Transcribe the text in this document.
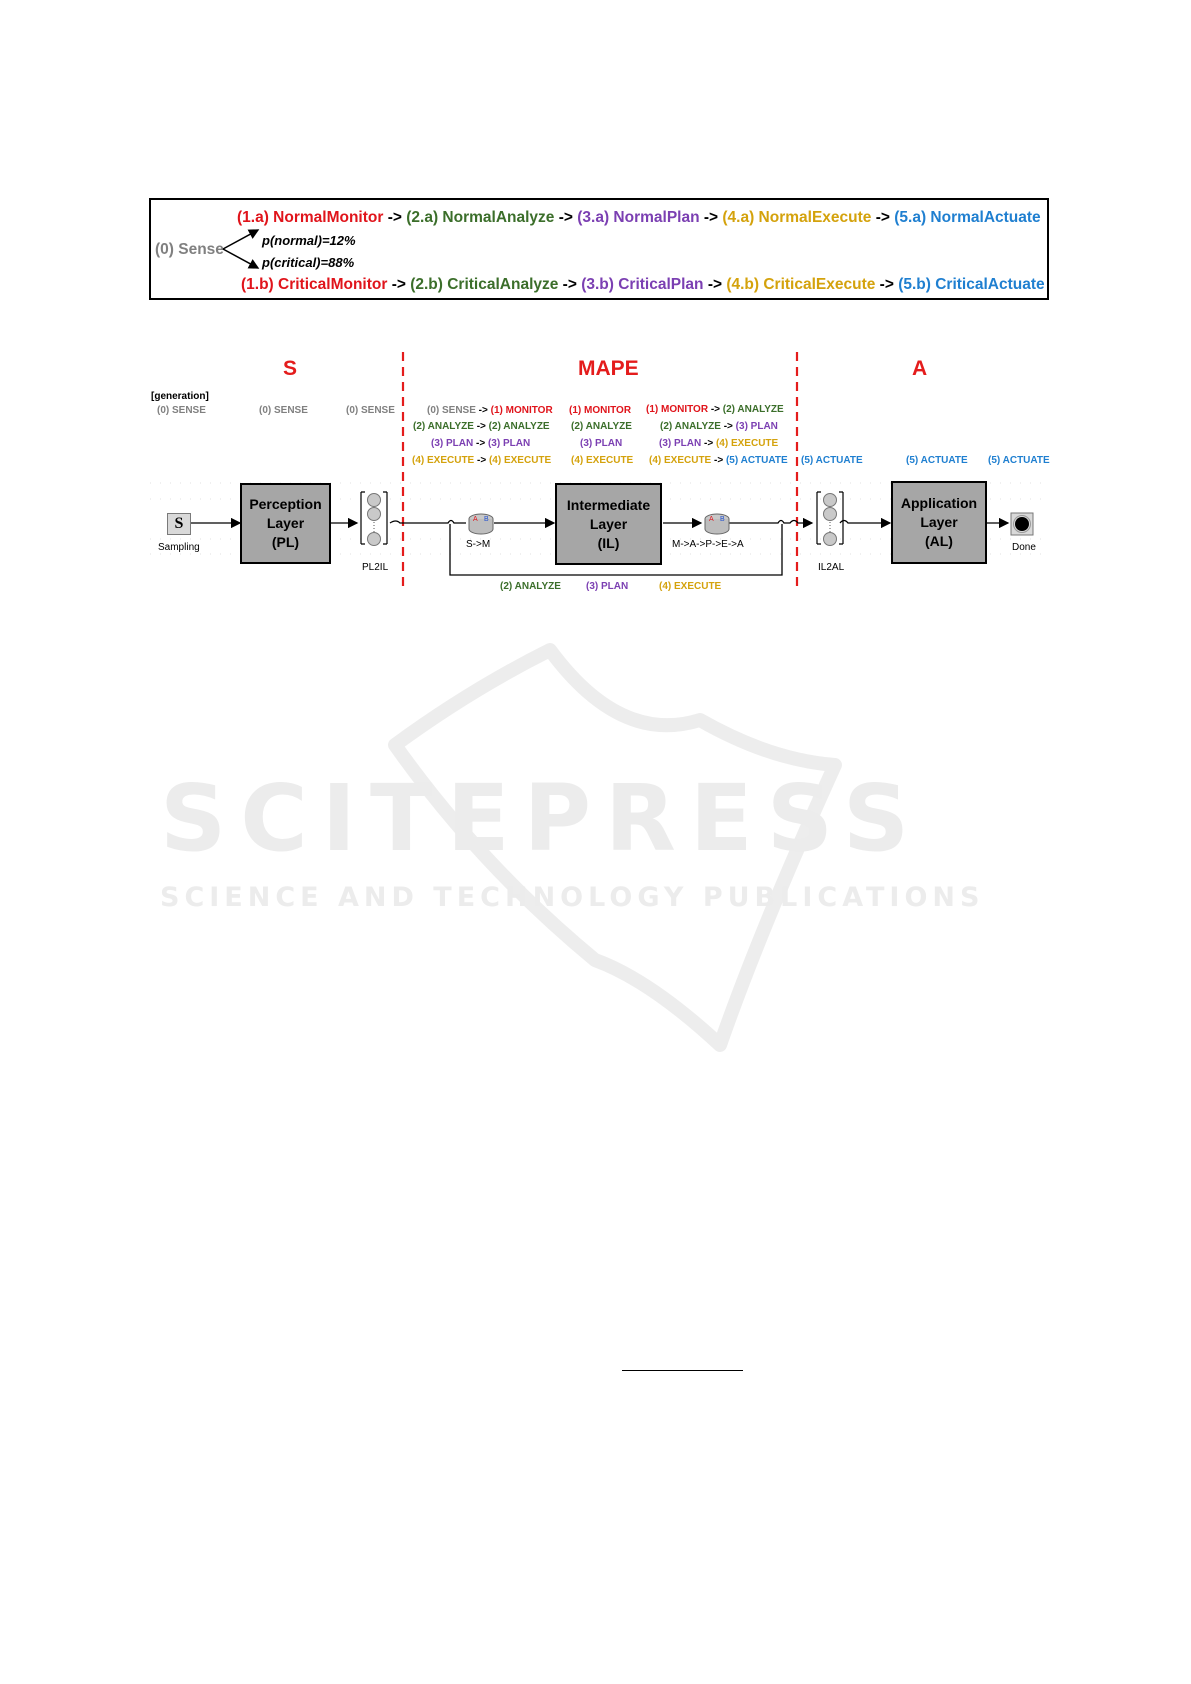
SCITEPRESS
SCIENCE AND TECHNOLOGY PUBLICATIONS
(0) Sense
p(normal)=12%
p(critical)=88%
(1.a) NormalMonitor -> (2.a) NormalAnalyze -> (3.a) NormalPlan -> (4.a) NormalExecute -> (5.a) NormalActuate
(1.b) CriticalMonitor -> (2.b) CriticalAnalyze -> (3.b) CriticalPlan -> (4.b) CriticalExecute -> (5.b) CriticalActuate
S	MAPE	A
[generation]
(0) SENSE	(0) SENSE	(0) SENSE	(0) SENSE -> (1) MONITOR
(2) ANALYZE -> (2) ANALYZE
(3) PLAN -> (3) PLAN
(4) EXECUTE -> (4) EXECUTE
(1) MONITOR
(2) ANALYZE
(3) PLAN
(4) EXECUTE
(1) MONITOR -> (2) ANALYZE
(2) ANALYZE -> (3) PLAN
(3) PLAN -> (4) EXECUTE
(4) EXECUTE -> (5) ACTUATE (5) ACTUATE	(5) ACTUATE (5) ACTUATE
S
Sampling
Perception
Layer
(PL)
PL2IL
A B
S->M
Intermediate
Layer
(IL)
A B
M->A->P->E->A
IL2AL
Application
Layer
(AL)	Done
(2) ANALYZE	(3) PLAN	(4) EXECUTE
